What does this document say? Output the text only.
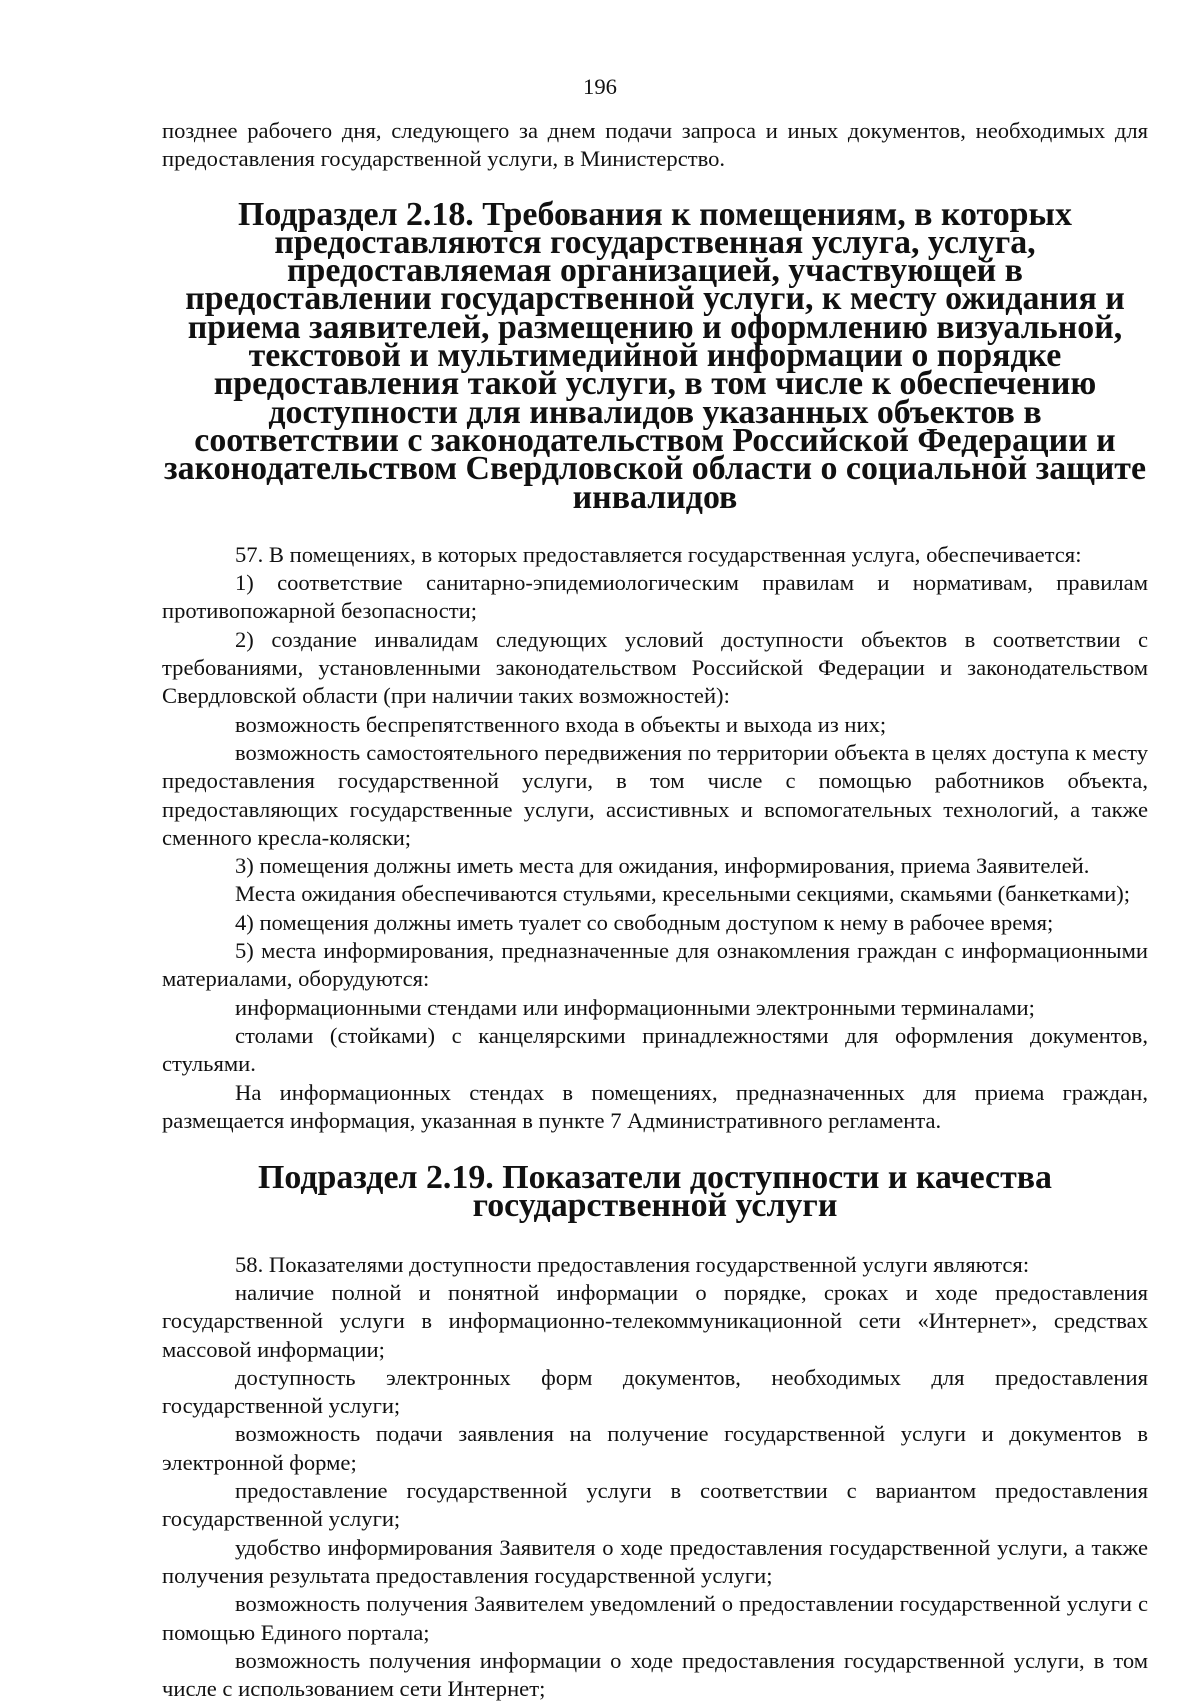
196

позднее рабочего дня, следующего за днем подачи запроса и иных документов, необходимых для предоставления государственной услуги, в Министерство.

Подраздел 2.18. Требования к помещениям, в которых предоставляются государственная услуга, услуга, предоставляемая организацией, участвующей в предоставлении государственной услуги, к месту ожидания и приема заявителей, размещению и оформлению визуальной, текстовой и мультимедийной информации о порядке предоставления такой услуги, в том числе к обеспечению доступности для инвалидов указанных объектов в соответствии с законодательством Российской Федерации и законодательством Свердловской области о социальной защите инвалидов

57. В помещениях, в которых предоставляется государственная услуга, обеспечивается:

1) соответствие санитарно-эпидемиологическим правилам и нормативам, правилам противопожарной безопасности;

2) создание инвалидам следующих условий доступности объектов в соответствии с требованиями, установленными законодательством Российской Федерации и законодательством Свердловской области (при наличии таких возможностей):

возможность беспрепятственного входа в объекты и выхода из них;

возможность самостоятельного передвижения по территории объекта в целях доступа к месту предоставления государственной услуги, в том числе с помощью работников объекта, предоставляющих государственные услуги, ассистивных и вспомогательных технологий, а также сменного кресла-коляски;

3) помещения должны иметь места для ожидания, информирования, приема Заявителей.

Места ожидания обеспечиваются стульями, кресельными секциями, скамьями (банкетками);

4) помещения должны иметь туалет со свободным доступом к нему в рабочее время;

5) места информирования, предназначенные для ознакомления граждан с информационными материалами, оборудуются:

информационными стендами или информационными электронными терминалами;

столами (стойками) с канцелярскими принадлежностями для оформления документов, стульями.

На информационных стендах в помещениях, предназначенных для приема граждан, размещается информация, указанная в пункте 7 Административного регламента.

Подраздел 2.19. Показатели доступности и качества государственной услуги

58. Показателями доступности предоставления государственной услуги являются:

наличие полной и понятной информации о порядке, сроках и ходе предоставления государственной услуги в информационно-телекоммуникационной сети «Интернет», средствах массовой информации;

доступность электронных форм документов, необходимых для предоставления государственной услуги;

возможность подачи заявления на получение государственной услуги и документов в электронной форме;

предоставление государственной услуги в соответствии с вариантом предоставления государственной услуги;

удобство информирования Заявителя о ходе предоставления государственной услуги, а также получения результата предоставления государственной услуги;

возможность получения Заявителем уведомлений о предоставлении государственной услуги с помощью Единого портала;

возможность получения информации о ходе предоставления государственной услуги, в том числе с использованием сети Интернет;
